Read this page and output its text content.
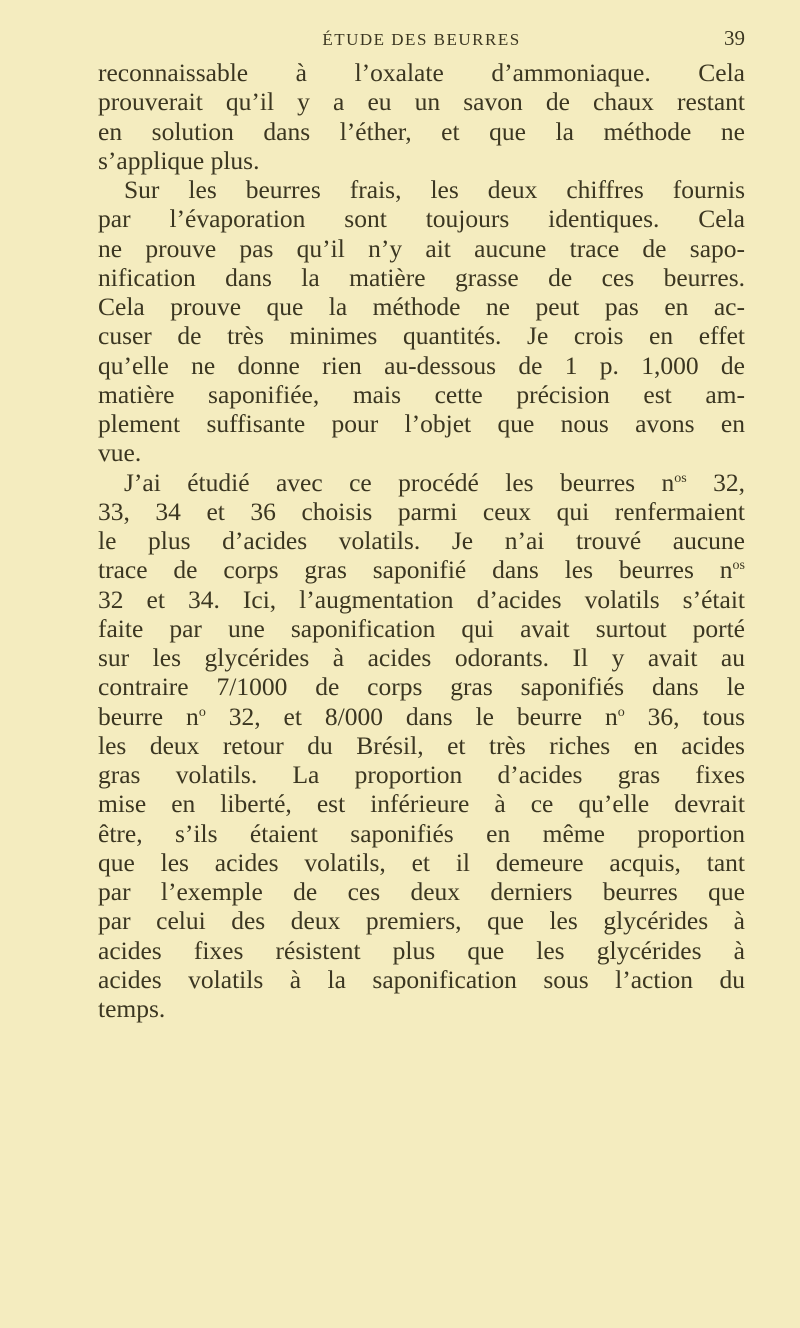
ÉTUDE DES BEURRES	39
reconnaissable à l’oxalate d’ammoniaque. Cela
prouverait qu’il y a eu un savon de chaux restant
en solution dans l’éther, et que la méthode ne
s’applique plus.
Sur les beurres frais, les deux chiffres fournis
par l’évaporation sont toujours identiques. Cela
ne prouve pas qu’il n’y ait aucune trace de sapo-
nification dans la matière grasse de ces beurres.
Cela prouve que la méthode ne peut pas en ac-
cuser de très minimes quantités. Je crois en effet
qu’elle ne donne rien au-dessous de 1 p. 1,000 de
matière saponifiée, mais cette précision est am-
plement suffisante pour l’objet que nous avons en
vue.
J’ai étudié avec ce procédé les beurres $n^{os}$ 32,
33, 34 et 36 choisis parmi ceux qui renfermaient
le plus d’acides volatils. Je n’ai trouvé aucune
trace de corps gras saponifié dans les beurres $n^{os}$
32 et 34. Ici, l’augmentation d’acides volatils s’était
faite par une saponification qui avait surtout porté
sur les glycérides à acides odorants. Il y avait au
contraire 7/1000 de corps gras saponifiés dans le
beurre $n^o$ 32, et 8/000 dans le beurre $n^o$ 36, tous
les deux retour du Brésil, et très riches en acides
gras volatils. La proportion d’acides gras fixes
mise en liberté, est inférieure à ce qu’elle devrait
être, s’ils étaient saponifiés en même proportion
que les acides volatils, et il demeure acquis, tant
par l’exemple de ces deux derniers beurres que
par celui des deux premiers, que les glycérides à
acides fixes résistent plus que les glycérides à
acides volatils à la saponification sous l’action du
temps.
